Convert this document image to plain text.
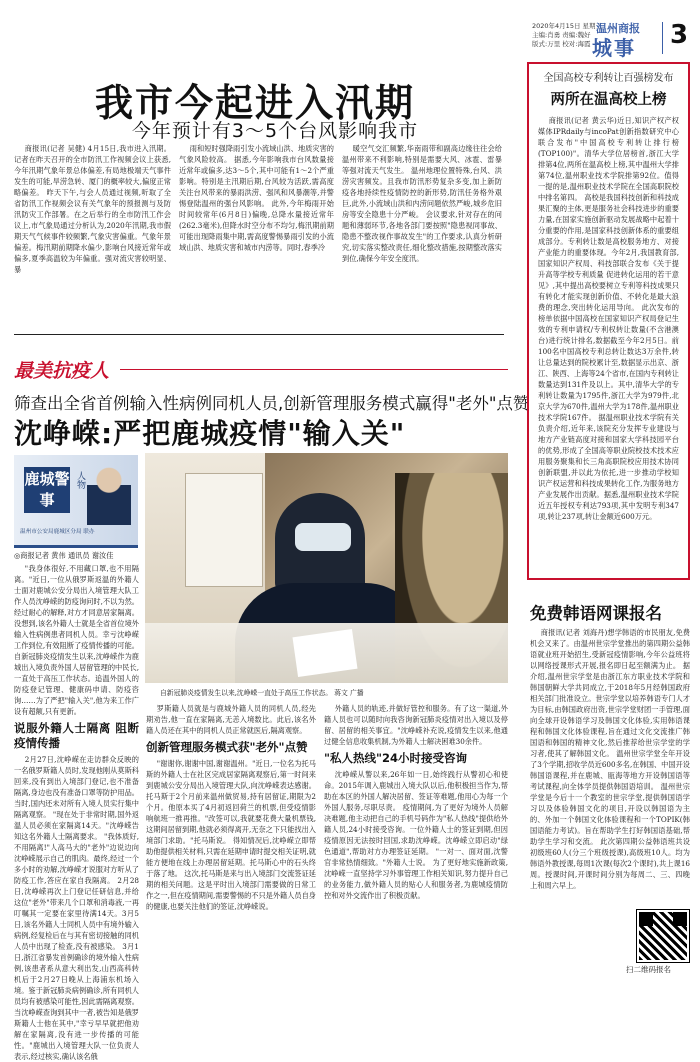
2020年4月15日 星期三
主编:肖勇 责编:魏好
版式:万里 校对:海霞
温州商报
城事 3
我市今起进入汛期
今年预计有3～5个台风影响我市

商报讯(记者 吴健) 4月15日,我市进入汛期。记者在昨天召开的全市防汛工作视频会议上获悉,今年汛期气象年景总体偏差,有局地极端天气事件发生的可能,旱涝急转、厦门的概率较大,偏度正常略偏差。 昨天下午,与会人员通过视频,听取了全省防汛工作视频会议有关气象年的预报测与及防汛防灾工作部署。在之后举行的全市防汛工作会议上,市气象局通过分析认为,2020年汛期,我市假期天气气候事件较频繁,气象灾害偏重。气象年景偏差。梅汛期前期降水偏少,影响台风接近常年或偏多,夏季高温较为年偏重。强对流灾害较明显、暴

雨和短时强降雨引发小流域山洪、地质灾害的气象风险较高。 据悉,今年影响我市台风数量接近常年或偏多,达3～5个,其中可能有1～2个严重影响。特别是主汛期后期,台风较为活跃,需高度关注台风带来的暴雨洪涝、强风和风暴潮等,并警惕登陆温州的强台风影响。 此外,今年梅雨开始时间较常年(6月8日)偏晚,总降水量接近常年(262.3毫米),但降水时空分布不均匀,梅汛期前期可能出现降雨集中期,需高度警惕暴雨引发的小流域山洪、地质灾害和城市内涝等。同时,春季冷

暖空气交汇频繁,华南雨带和副高边缘往往会给温州带来不利影响,特别是需要大风、冰雹、雷暴等强对流天气发生。 温州地理位置特殊,台风、洪涝灾害频发。且我市防汛形势复杂多变,加上新防疫各地持续性疫情防控的新形势,防汛任务格外艰巨,此外,小流域山洪和内涝问题依然严峻,城乡危旧房等安全隐患十分严峻。 会议要求,针对存在的问题和薄弱环节,各地各部门要按照"隐患视同事故、隐患不整改视作事故发生"的工作要求,认真分析研究,切实落实整改责任,细化整改措施,按期整改落实到位,确保今年安全度汛。

最美抗疫人
筛查出全省首例输入性病例同机人员,创新管理服务模式赢得"老外"点赞
沈峥嵘:严把鹿城疫情"输入关"
鹿城警事
人物
温州市公安局鹿城区分局 联办
◎商报记者 黄伟 通讯员 谢汝佳
自新冠肺炎疫情发生以来,沈峥嵘一直处于高压工作状态。 蒋文 广播

"我身体很好,不用藏口罩,也不用隔离。"近日,一位从俄罗斯返温的外籍人士面对鹿城公安分局出入境管理大队工作人员沈峥嵘的防疫询问时,不以为然。经过耐心的解释,对方才同意居家隔离。没想到,该名外籍人士就是全省首位境外输入性病例患者同机人员。幸亏沈峥嵘工作到位,有效阻断了疫情传播的可能。 自新冠肺炎疫情发生以来,沈峥嵘作为鹿城出入境负责外国人居留管理的中民长,一直处于高压工作状态。追温外国人的防疫登记管理、健康码申请、防疫咨询……为了严把"输入关",他为来工作广设有超额,只有更新。

说服外籍人士隔离 阻断疫情传播

2月27日,沈峥嵘在走访群众反映的一名俄罗斯籍人员时,发现他刚从莫斯科回来,没有到出入境部门登记,也不准备隔离,身边也没有准备口罩等防护用品。当时,国内还未对所有入境人员实行集中隔离观察。 "现在处于非常时期,国外返温人员必须在家隔离14天。"沈峥嵘告知这名外籍人士隔离要求。 "我体质好,不用隔离!"人高马大的"老外"边说边向沈峥嵘展示自己的肌肉。最终,经过一个多小时的劝解,沈峥嵘才说服对方听从了防疫工作,答应在家自我隔离。 2月28日,沈峥嵘再次上门登记任研信息,并给这位"老外"带来几个口罩和消毒液,一再叮嘱其一定要在家里待满14天。3月5日,该名外籍人士同机人员中有境外输入病例,经复检后在与其有密切接触的同机人员中出现了检查,没有被感染。 3月1日,浙江省暴发首例确诊的境外输入性病例,该患者系从意大利出发,山西高科转机后于2月27日晚从上海浦东机场入境。鉴于新冠肺炎病例确诊,所有同机人员均有被感染可能性,因此需隔离观察。 当沈峥嵘查询到其中一者,被告知是俄罗斯籍人士他在其中,"幸亏早早就把他劝解在家隔离,没有进一步传播的可能性。"鹿城出入境管理大队一位负责人表示,经过核实,确认该名俄

罗斯籍人员就是与鹿城外籍人员的同机人员,经先期劝告,他一直在家隔离,无恙入境数比。此后,该名外籍人员还在其中的同机人员正常就医后,隔离观察。

创新管理服务模式获"老外"点赞

"谢谢你,谢谢中国,谢谢温州。"近日,一位名为托马斯的外籍人士在社区完成居家隔离观察后,第一时间来到鹿城公安分局出入境管理大队,向沈峥嵘表达感谢。 托马斯于2个月前来温州做贸易,持有居留证,期限为2个月。他原本买了4月初返回荷兰的机票,但受疫情影响航班一推再推。"改签可以,我就要花费大量机票钱,这期间居留到期,他就必须得离开,无奈之下只能找出入境部门求助。"托马斯说。 得知情况后,沈峥嵘立即帮助他提供相关材料,只需在延期申请时提交相关证明,就能方便地在线上办理居留延期。托马斯心中的石头终于落了地。 这次,托马斯是来与出入境部门交流签证延期的相关问题。这是平时出入境部门需要做的日常工作之一,但在疫情期间,需要警惕的不只是外籍人员自身的健康,也要关注他们的签证,沈峥嵘说。

外籍人员的轨迹,并做好管控和服务。有了这一渠道,外籍人员也可以随时向我咨询新冠肺炎疫情对出入境以及停留、居留的相关事宜。"沈峥嵘补充说,疫情发生以来,他通过健全信息收集机制,为外籍人士解决困难30余件。

"私人热线"24小时接受咨询

沈峥嵘从警以来,26年如一日,始终践行从警初心和使命。2015年调入鹿城出入境大队以后,他积极担当作为,帮助在本区的外国人解决居留、签证等难题,他用心为每一个外国人服务,尽职尽责。 疫情期间,为了更好为境外人员解决难题,他主动把自己的手机号码作为"私人热线"提供给外籍人员,24小时接受咨询。一位外籍人士的签证到期,但因疫情原因无法按时回国,求助沈峥嵘。沈峥嵘立即启动"绿色通道",帮助对方办理签证延期。 "一对一、面对面,沈警官非常热情细致。"外籍人士说。 为了更好地实施新政策,沈峥嵘一直坚持学习外事管理工作相关知识,努力提升自己的业务能力,做外籍人员的贴心人和服务者,为鹿城疫情防控和对外交流作出了积极贡献。

全国高校专利转让百强榜发布
两所在温高校上榜

商报讯(记者 黄云华)近日,知识产权产权媒体IPRdaily与incoPat创新指数研究中心联合发布"中国高校专利转让排行榜(TOP100)"。清华大学位居榜首,浙江大学排第4位,两所在温高校上榜,其中温州大学排第74位,温州职业技术学院排第92位。值得一提的是,温州职业技术学院在全国高职院校中排名第四。 高校是我国科技创新和科技成果汇聚的主体,更是服务社会科技进步的重要力量,在国家实施创新驱动发展战略中起着十分重要的作用,是国家科技创新体系的重要组成部分。专利转让数是高校服务地方、对接产业能力的重要体现。今年2月,我国教育部,国家知识产权局、科技部联合发布《关于提升高等学校专利质量 促进转化运用的若干意见》,其中提出高校要树立专利等科技成果只有转化才能实现创新价值、不转化是最大浪费的理念,突出转化运用导向。 此次发布的榜单依据中国高校在国家知识产权局登记生效的专利申请权/专利权转让数量(不含港澳台)进行统计排名,数据截至今年2月5日。前100名中国高校专利总转让数达3万余件,转让总量达到的院校累计至,数据显示出京、浙江、陕西、上海等24个省市,在国内专利转让数量达到131件及以上。其中,清华大学的专利转让数量为1795件,浙江大学为979件,北京大学为670件,温州大学为178件,温州职业技术学院167件。 据温州职业技术学院有关负责介绍,近年来,该院充分发挥专业建设与地方产业链高度对接和国家大学科技园平台的优势,形成了全国高等职业院校技术技术应用服务聚集和长三角高职院校应用技术协同创新联盟,并以此为依托,进一步推动学校知识产权运营和科技成果转化工作,为服务地方产业发展作出贡献。据悉,温州职业技术学院近五年授权专利达793项,其中发明专利347项,转让237项,转让金额近600万元。

免费韩语网课报名

商报讯(记者 刘海丹)想学韩语的市民朋友,免费机会又来了。由温州世宗学堂推出的第四期公益韩语就业班开始招生,受新冠疫情影响,今年公益班将以网络授课形式开展,报名即日起至额满为止。 据介绍,温州世宗学堂是由浙江东方职业技术学院和韩国朝鲜大学共同成立,于2018年5月经韩国政府相关部门批准设立。世宗学堂以培养韩语专门人才为目标,由韩国政府出资,世宗学堂财团一手管理,面向全球开设韩语学习及韩国文化体验,实用韩语课程和韩国文化体验课程,旨在通过文化交流推广韩国语和韩国的精神文化,然后推荐给世宗学堂的学习者,使其了解韩国文化。 温州世宗学堂全年开设了3个学期,招收学员近600多名,在韩国、中国开设韩国语课程,并在鹿城、瓯海等地方开设韩国语等考试课程,向全体学员提供韩国语培训。 温州世宗学堂是今后十一个教室的世宗学堂,提供韩国语学习以及体验韩国文化的项目,开设以韩国语为主的、外加一个韩国文化体验课程和一个TOPIK(韩国语能力考试)。旨在帮助学生打好韩国语基础,帮助学生学习和交流。 此次第四期公益韩语班共设初级班60人(分三个班级授课),高级班10人。均为韩语外教授课,每周1次课(每次2个课时),共上课16周。授课时间,开课时间分别为每周二、三、四晚上和周六早上。

扫二维码报名
